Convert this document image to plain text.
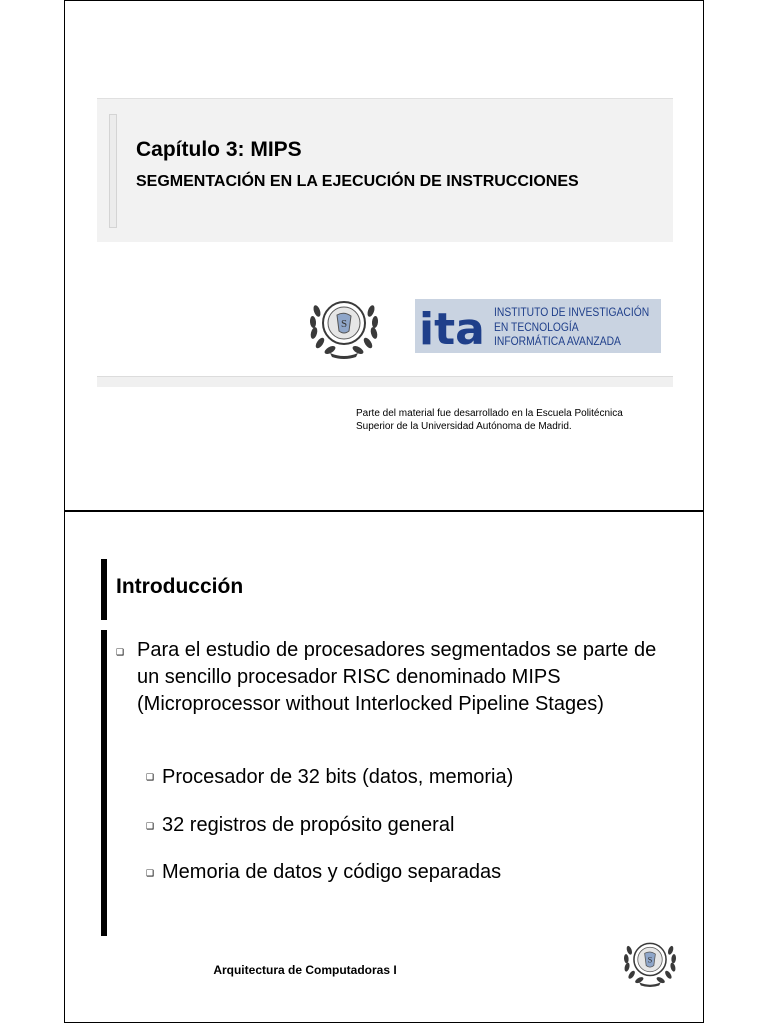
Capítulo 3: MIPS
SEGMENTACIÓN EN LA EJECUCIÓN DE INSTRUCCIONES
S ita INSTITUTO DE INVESTIGACIÓN
EN TECNOLOGÍA
INFORMÁTICA AVANZADA
Parte del material fue desarrollado en la Escuela Politécnica
Superior de la Universidad Autónoma de Madrid.
Introducción
❑ Para el estudio de procesadores segmentados se parte de un sencillo procesador RISC denominado MIPS (Microprocessor without Interlocked Pipeline Stages)

❑ Procesador de 32 bits (datos, memoria)
❑ 32 registros de propósito general
❑ Memoria de datos y código separadas
Arquitectura de Computadoras I
S
